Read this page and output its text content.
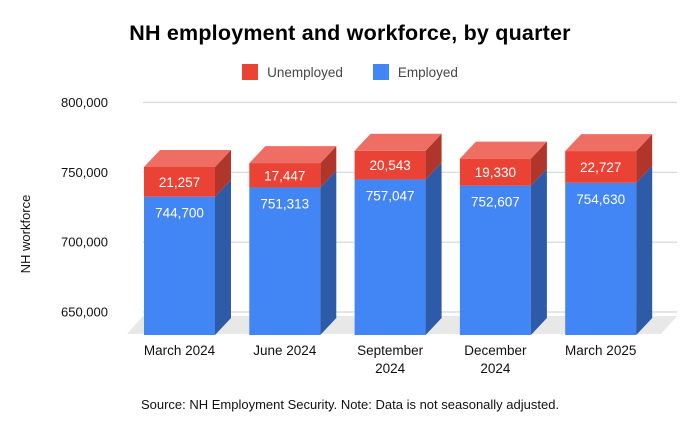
NH employment and workforce, by quarter
Unemployed	Employed
650,000
700,000
750,000
800,000
NH workforce
21,257
744,700
March 2024
17,447
751,313
June 2024
20,543
757,047
September
2024
19,330
752,607
December
2024
22,727
754,630
March 2025
Source: NH Employment Security. Note: Data is not seasonally adjusted.
